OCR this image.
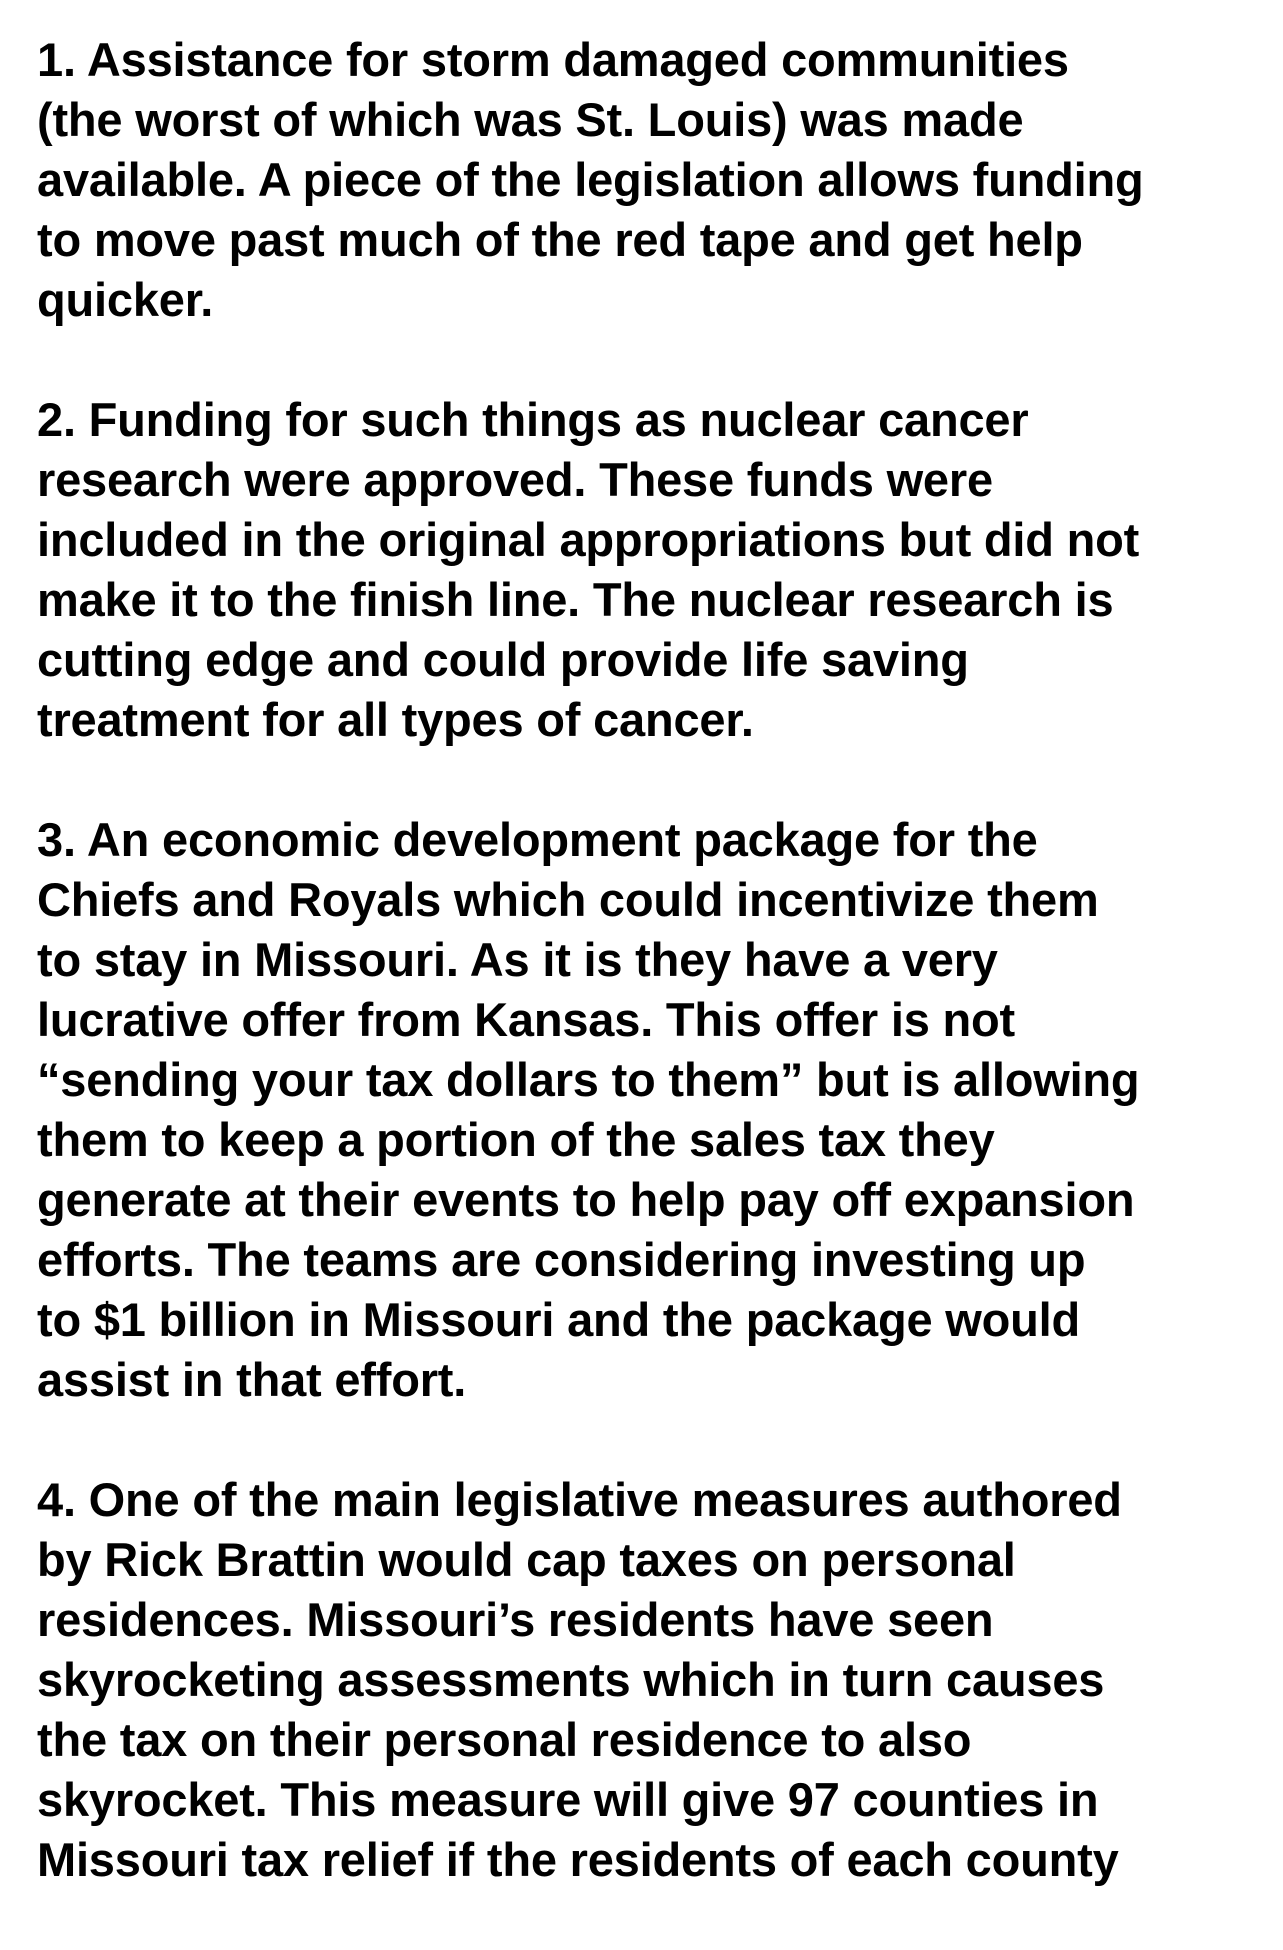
1. Assistance for storm damaged communities
(the worst of which was St. Louis) was made
available. A piece of the legislation allows funding
to move past much of the red tape and get help
quicker.
2. Funding for such things as nuclear cancer
research were approved. These funds were
included in the original appropriations but did not
make it to the finish line. The nuclear research is
cutting edge and could provide life saving
treatment for all types of cancer.
3. An economic development package for the
Chiefs and Royals which could incentivize them
to stay in Missouri. As it is they have a very
lucrative offer from Kansas. This offer is not
“sending your tax dollars to them” but is allowing
them to keep a portion of the sales tax they
generate at their events to help pay off expansion
efforts. The teams are considering investing up
to $1 billion in Missouri and the package would
assist in that effort.
4. One of the main legislative measures authored
by Rick Brattin would cap taxes on personal
residences. Missouri’s residents have seen
skyrocketing assessments which in turn causes
the tax on their personal residence to also
skyrocket. This measure will give 97 counties in
Missouri tax relief if the residents of each county
